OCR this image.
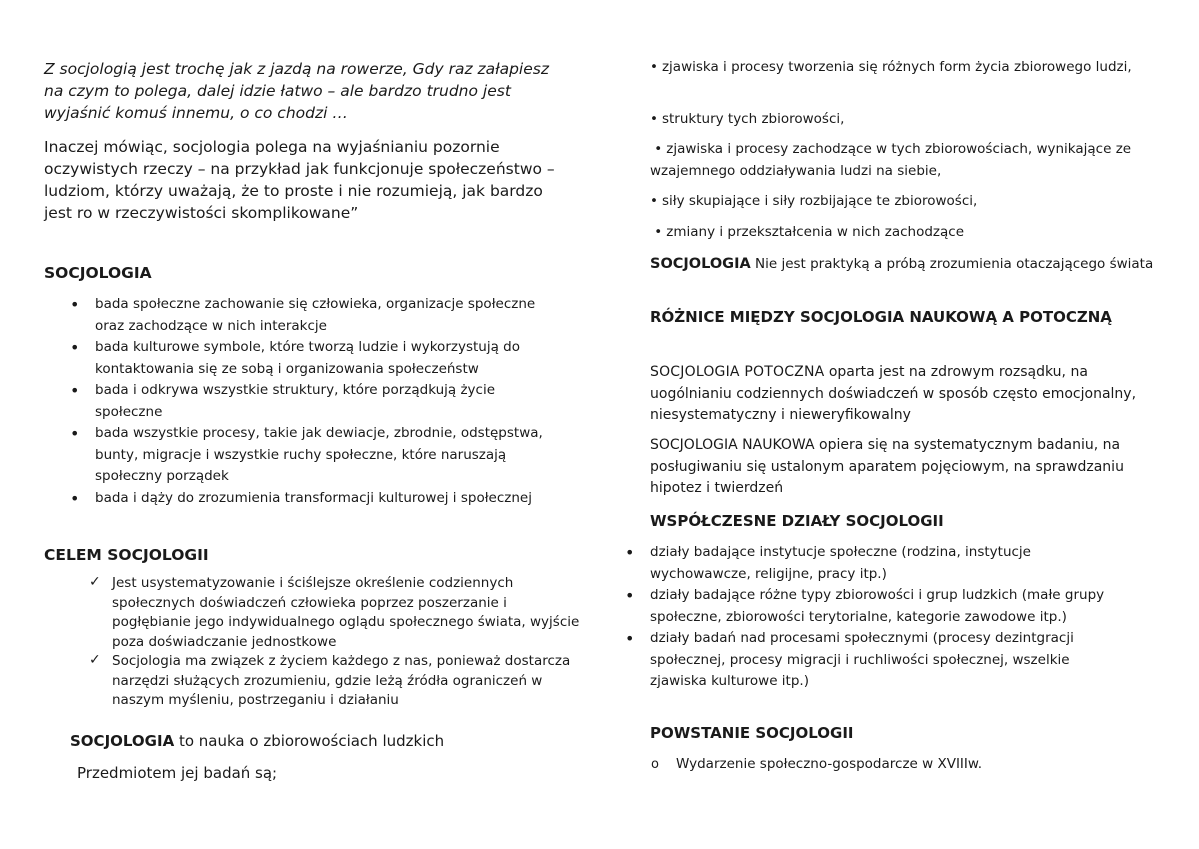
Z socjologią jest trochę jak z jazdą na rowerze, Gdy raz załapiesz na czym to polega, dalej idzie łatwo – ale bardzo trudno jest wyjaśnić komuś innemu, o co chodzi …

Inaczej mówiąc, socjologia polega na wyjaśnianiu pozornie oczywistych rzeczy – na przykład jak funkcjonuje społeczeństwo – ludziom, którzy uważają, że to proste i nie rozumieją, jak bardzo jest ro w rzeczywistości skomplikowane”

SOCJOLOGIA
• bada społeczne zachowanie się człowieka, organizacje społeczne oraz zachodzące w nich interakcje
• bada kulturowe symbole, które tworzą ludzie i wykorzystują do kontaktowania się ze sobą i organizowania społeczeństw
• bada i odkrywa wszystkie struktury, które porządkują życie społeczne
• bada wszystkie procesy, takie jak dewiacje, zbrodnie, odstępstwa, bunty, migracje i wszystkie ruchy społeczne, które naruszają społeczny porządek
• bada i dąży do zrozumienia transformacji kulturowej i społecznej
CELEM SOCJOLOGII
✓ Jest usystematyzowanie i ściślejsze określenie codziennych społecznych doświadczeń człowieka poprzez poszerzanie i pogłębianie jego indywidualnego oglądu społecznego świata, wyjście poza doświadczanie jednostkowe
✓ Socjologia ma związek z życiem każdego z nas, ponieważ dostarcza narzędzi służących zrozumieniu, gdzie leżą źródła ograniczeń w naszym myśleniu, postrzeganiu i działaniu

SOCJOLOGIA to nauka o zbiorowościach ludzkich

Przedmiotem jej badań są;

• zjawiska i procesy tworzenia się różnych form życia zbiorowego ludzi,
• struktury tych zbiorowości,
• zjawiska i procesy zachodzące w tych zbiorowościach, wynikające ze wzajemnego oddziaływania ludzi na siebie,
• siły skupiające i siły rozbijające te zbiorowości,
• zmiany i przekształcenia w nich zachodzące

SOCJOLOGIA Nie jest praktyką a próbą zrozumienia otaczającego świata

RÓŻNICE MIĘDZY SOCJOLOGIA NAUKOWĄ A POTOCZNĄ

SOCJOLOGIA POTOCZNA oparta jest na zdrowym rozsądku, na uogólnianiu codziennych doświadczeń w sposób często emocjonalny, niesystematyczny i nieweryfikowalny

SOCJOLOGIA NAUKOWA opiera się na systematycznym badaniu, na posługiwaniu się ustalonym aparatem pojęciowym, na sprawdzaniu hipotez i twierdzeń

WSPÓŁCZESNE DZIAŁY SOCJOLOGII
• działy badające instytucje społeczne (rodzina, instytucje wychowawcze, religijne, pracy itp.)
• działy badające różne typy zbiorowości i grup ludzkich (małe grupy społeczne, zbiorowości terytorialne, kategorie zawodowe itp.)
• działy badań nad procesami społecznymi (procesy dezintgracji społecznej, procesy migracji i ruchliwości społecznej, wszelkie zjawiska kulturowe itp.)
POWSTANIE SOCJOLOGII
o Wydarzenie społeczno-gospodarcze w XVIIIw.
